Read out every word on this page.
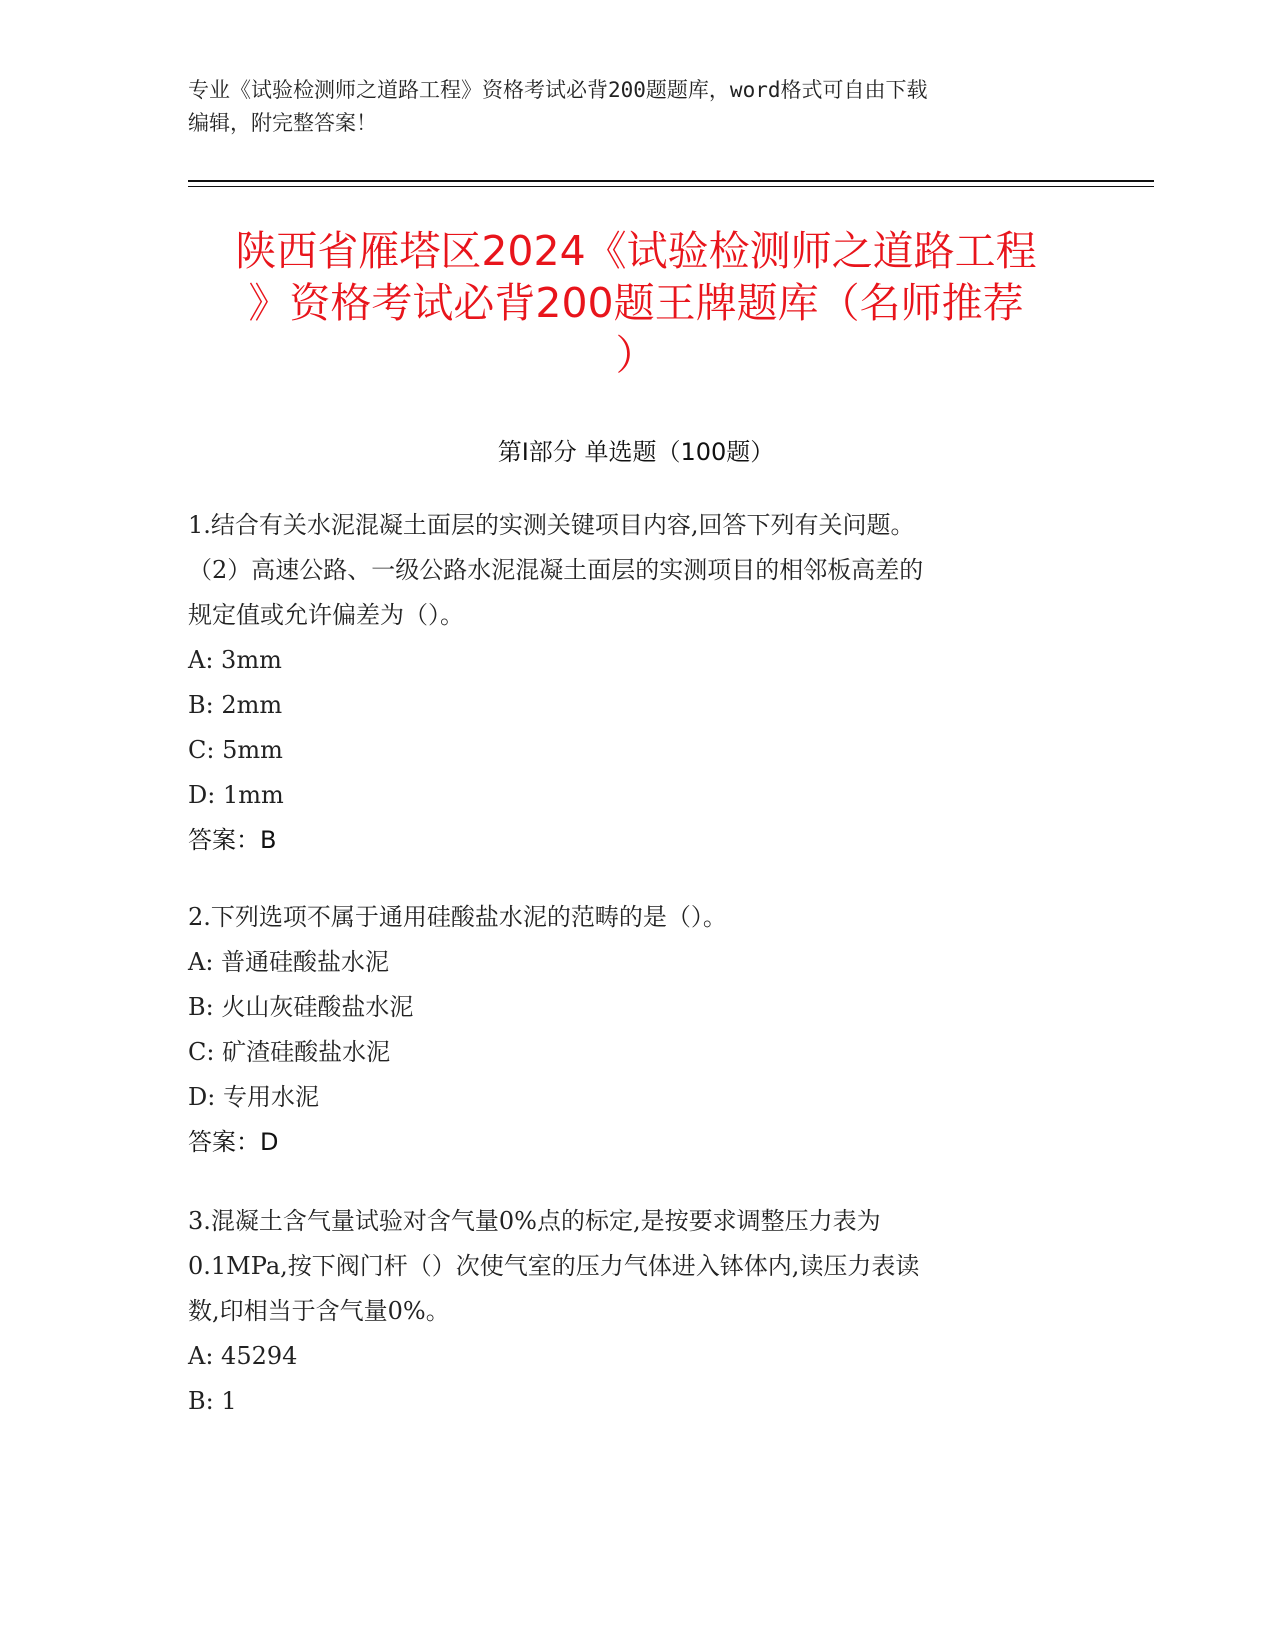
专业《试验检测师之道路工程》资格考试必背200题题库，word格式可自由下载
编辑，附完整答案！
陕西省雁塔区2024《试验检测师之道路工程
》资格考试必背200题王牌题库（名师推荐
）
第I部分 单选题（100题）
1.结合有关水泥混凝土面层的实测关键项目内容,回答下列有关问题。
（2）高速公路、一级公路水泥混凝土面层的实测项目的相邻板高差的
规定值或允许偏差为（）。
A: 3mm
B: 2mm
C: 5mm
D: 1mm
答案：B
2.下列选项不属于通用硅酸盐水泥的范畴的是（）。
A: 普通硅酸盐水泥
B: 火山灰硅酸盐水泥
C: 矿渣硅酸盐水泥
D: 专用水泥
答案：D
3.混凝土含气量试验对含气量0%点的标定,是按要求调整压力表为
0.1MPa,按下阀门杆（）次使气室的压力气体进入钵体内,读压力表读
数,印相当于含气量0%。
A: 45294
B: 1
